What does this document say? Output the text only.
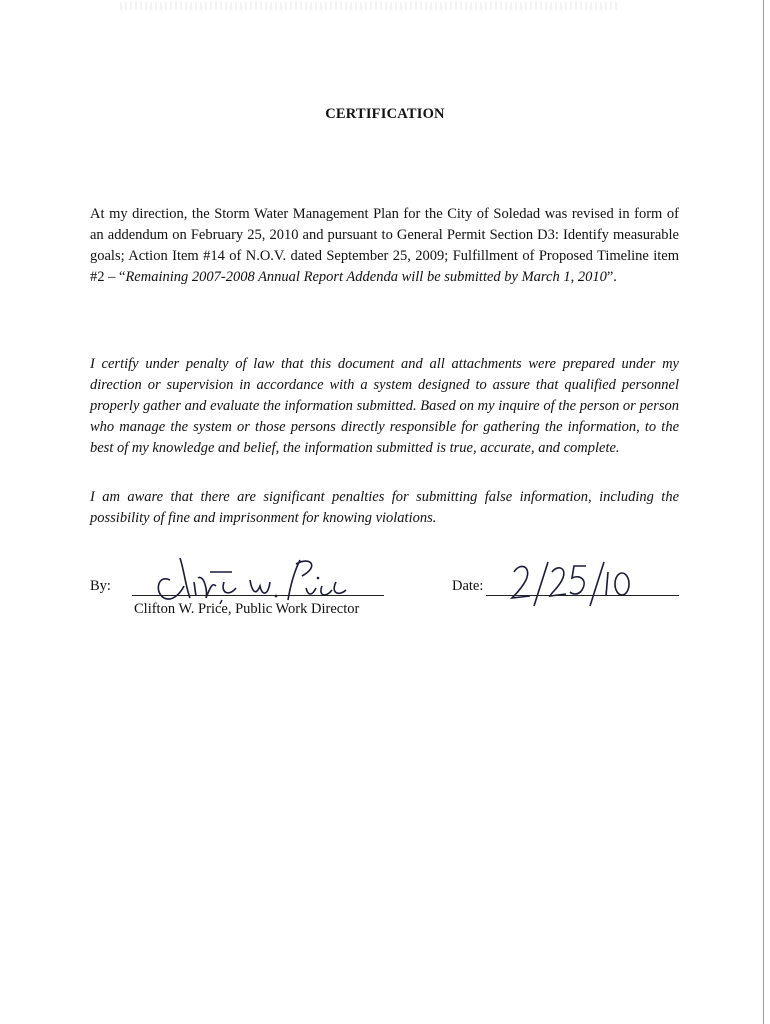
CERTIFICATION

At my direction, the Storm Water Management Plan for the City of Soledad was revised in form of an addendum on February 25, 2010 and pursuant to General Permit Section D3: Identify measurable goals; Action Item #14 of N.O.V. dated September 25, 2009; Fulfillment of Proposed Timeline item #2 – “Remaining 2007-2008 Annual Report Addenda will be submitted by March 1, 2010”.

I certify under penalty of law that this document and all attachments were prepared under my direction or supervision in accordance with a system designed to assure that qualified personnel properly gather and evaluate the information submitted. Based on my inquire of the person or person who manage the system or those persons directly responsible for gathering the information, to the best of my knowledge and belief, the information submitted is true, accurate, and complete.

I am aware that there are significant penalties for submitting false information, including the possibility of fine and imprisonment for knowing violations.

By:
Clifton W. Price, Public Work Director
Date:
